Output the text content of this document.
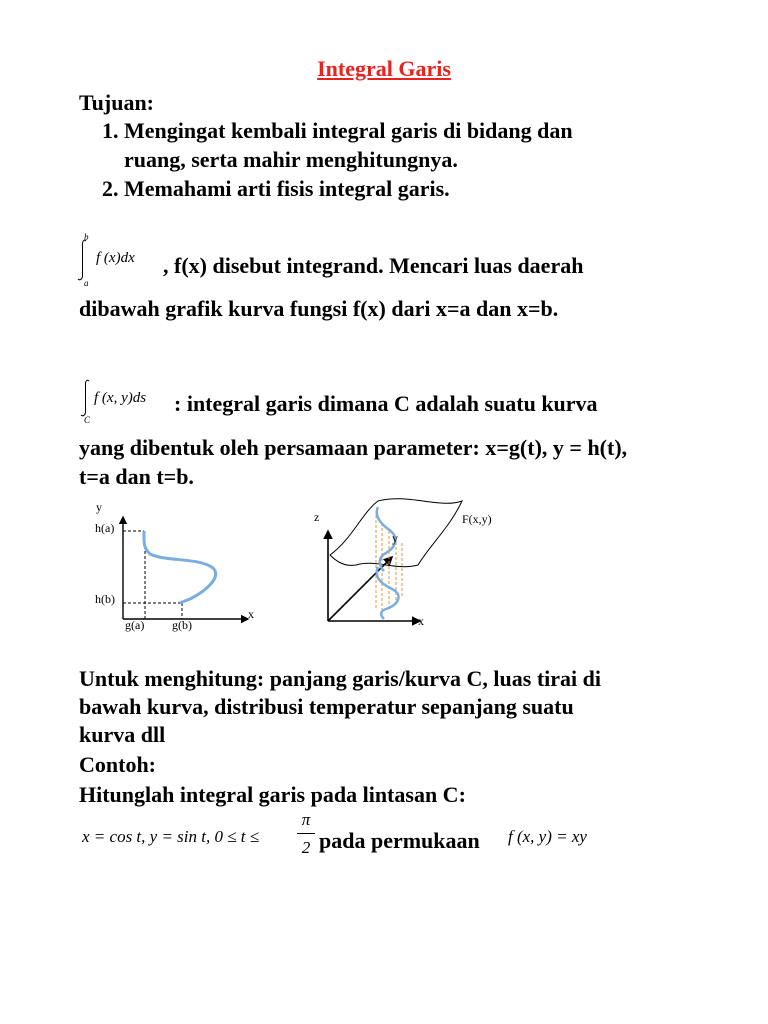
Integral Garis
Tujuan:
1. Mengingat kembali integral garis di bidang dan
ruang, serta mahir menghitungnya.
2. Memahami arti fisis integral garis.
b
a
f (x)dx , f(x) disebut integrand. Mencari luas daerah
dibawah grafik kurva fungsi f(x) dari x=a dan x=b.
C
f (x, y)ds : integral garis dimana C adalah suatu kurva
yang dibentuk oleh persamaan parameter: x=g(t), y = h(t),
t=a dan t=b.
y
x
h(a)
h(b)
g(a) g(b)
z
y
x
F(x,y)
Untuk menghitung: panjang garis/kurva C, luas tirai di
bawah kurva, distribusi temperatur sepanjang suatu
kurva dll
Contoh:
Hitunglah integral garis pada lintasan C:
x = cos t, y = sin t, 0 ≤ t ≤
π
2 pada permukaan f (x, y) = xy
